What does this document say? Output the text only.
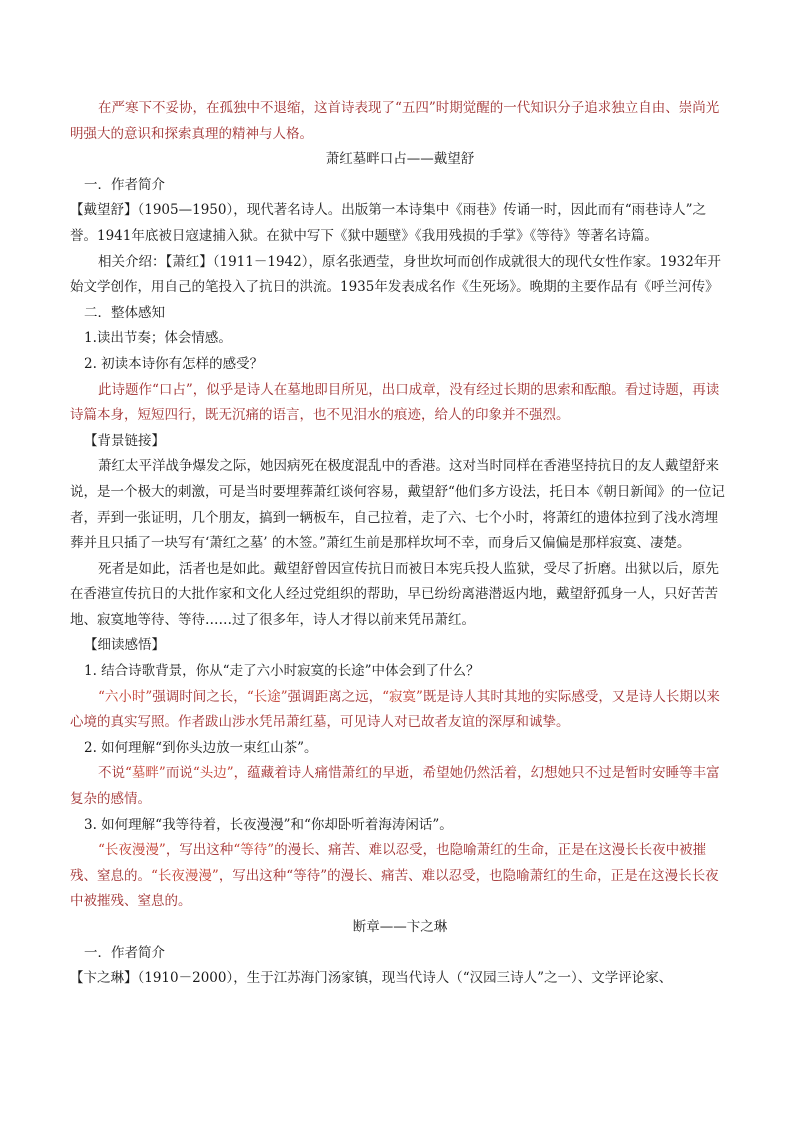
在严寒下不妥协，在孤独中不退缩，这首诗表现了“五四”时期觉醒的一代知识分子追求独立自由、崇尚光明强大的意识和探索真理的精神与人格。

萧红墓畔口占——戴望舒

一．作者简介

【戴望舒】（1905—1950），现代著名诗人。出版第一本诗集中《雨巷》传诵一时，因此而有“雨巷诗人”之誉。1941年底被日寇逮捕入狱。在狱中写下《狱中题壁》《我用残损的手掌》《等待》等著名诗篇。

相关介绍：【萧红】（1911－1942），原名张迺莹，身世坎坷而创作成就很大的现代女性作家。1932年开始文学创作，用自己的笔投入了抗日的洪流。1935年发表成名作《生死场》。晚期的主要作品有《呼兰河传》

二．整体感知

1.读出节奏；体会情感。

2. 初读本诗你有怎样的感受？

此诗题作“口占”，似乎是诗人在墓地即目所见，出口成章，没有经过长期的思索和酝酿。看过诗题，再读诗篇本身，短短四行，既无沉痛的语言，也不见泪水的痕迹，给人的印象并不强烈。

【背景链接】

萧红太平洋战争爆发之际，她因病死在极度混乱中的香港。这对当时同样在香港坚持抗日的友人戴望舒来说，是一个极大的刺激，可是当时要埋葬萧红谈何容易，戴望舒“他们多方设法，托日本《朝日新闻》的一位记者，弄到一张证明，几个朋友，搞到一辆板车，自己拉着，走了六、七个小时，将萧红的遗体拉到了浅水湾埋葬并且只插了一块写有‘萧红之墓’ 的木签。”萧红生前是那样坎坷不幸，而身后又偏偏是那样寂寞、凄楚。

死者是如此，活者也是如此。戴望舒曾因宣传抗日而被日本宪兵投人监狱，受尽了折磨。出狱以后，原先在香港宣传抗日的大批作家和文化人经过党组织的帮助，早已纷纷离港潜返内地，戴望舒孤身一人，只好苦苦地、寂寞地等待、等待……过了很多年，诗人才得以前来凭吊萧红。

【细读感悟】

1. 结合诗歌背景，你从“走了六小时寂寞的长途”中体会到了什么？

“六小时”强调时间之长，“长途”强调距离之远，“寂寞”既是诗人其时其地的实际感受，又是诗人长期以来心境的真实写照。作者跋山涉水凭吊萧红墓，可见诗人对已故者友谊的深厚和诚挚。

2. 如何理解“到你头边放一束红山茶”。

不说“墓畔”而说“头边”，蕴藏着诗人痛惜萧红的早逝，希望她仍然活着，幻想她只不过是暂时安睡等丰富复杂的感情。

3. 如何理解“我等待着，长夜漫漫”和“你却卧听着海涛闲话”。

“长夜漫漫”，写出这种“等待”的漫长、痛苦、难以忍受，也隐喻萧红的生命，正是在这漫长长夜中被摧残、窒息的。“长夜漫漫”，写出这种“等待”的漫长、痛苦、难以忍受，也隐喻萧红的生命，正是在这漫长长夜中被摧残、窒息的。

断章——卞之琳

一．作者简介

【卞之琳】（1910－2000），生于江苏海门汤家镇，现当代诗人（“汉园三诗人”之一）、文学评论家、
